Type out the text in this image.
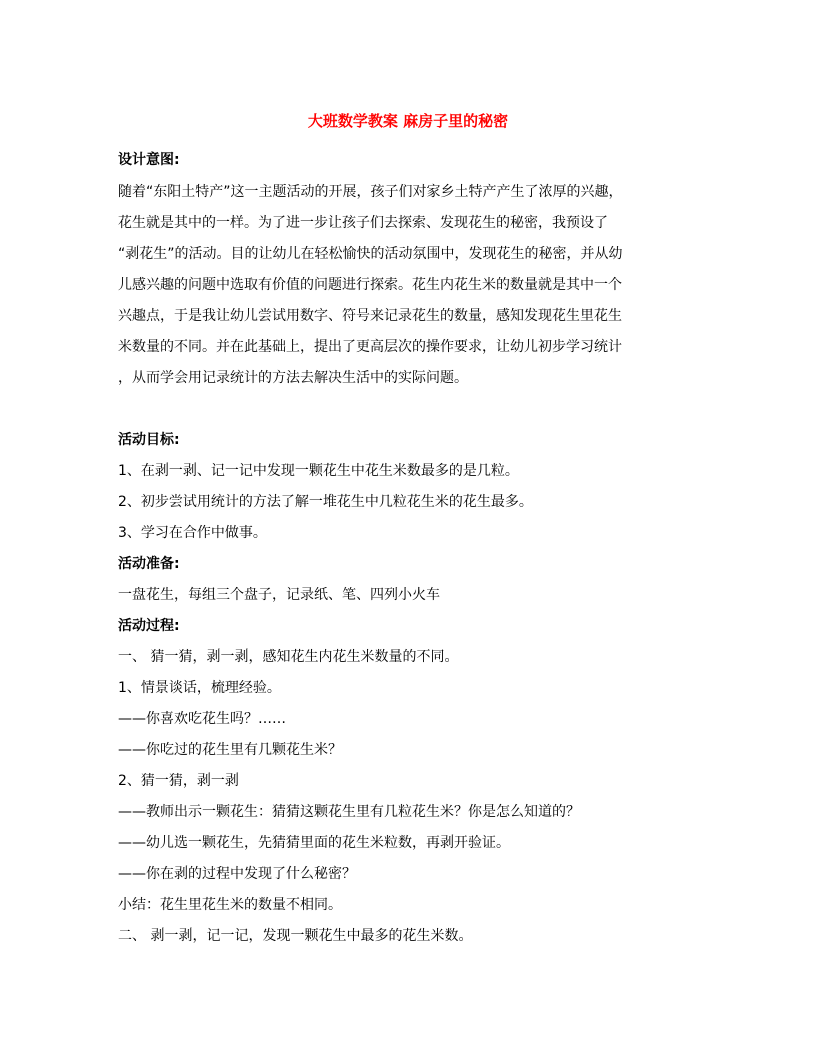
大班数学教案 麻房子里的秘密
设计意图:
随着“东阳土特产”这一主题活动的开展，孩子们对家乡土特产产生了浓厚的兴趣，
花生就是其中的一样。为了进一步让孩子们去探索、发现花生的秘密，我预设了
“剥花生”的活动。目的让幼儿在轻松愉快的活动氛围中，发现花生的秘密，并从幼
儿感兴趣的问题中选取有价值的问题进行探索。花生内花生米的数量就是其中一个
兴趣点，于是我让幼儿尝试用数字、符号来记录花生的数量，感知发现花生里花生
米数量的不同。并在此基础上，提出了更高层次的操作要求，让幼儿初步学习统计
，从而学会用记录统计的方法去解决生活中的实际问题。
活动目标:
1、在剥一剥、记一记中发现一颗花生中花生米数最多的是几粒。
2、初步尝试用统计的方法了解一堆花生中几粒花生米的花生最多。
3、学习在合作中做事。
活动准备:
一盘花生，每组三个盘子，记录纸、笔、四列小火车
活动过程:
一、 猜一猜，剥一剥，感知花生内花生米数量的不同。
1、情景谈话，梳理经验。
——你喜欢吃花生吗？……
——你吃过的花生里有几颗花生米？
2、猜一猜，剥一剥
——教师出示一颗花生：猜猜这颗花生里有几粒花生米？你是怎么知道的？
——幼儿选一颗花生，先猜猜里面的花生米粒数，再剥开验证。
——你在剥的过程中发现了什么秘密？
小结：花生里花生米的数量不相同。
二、 剥一剥，记一记，发现一颗花生中最多的花生米数。
